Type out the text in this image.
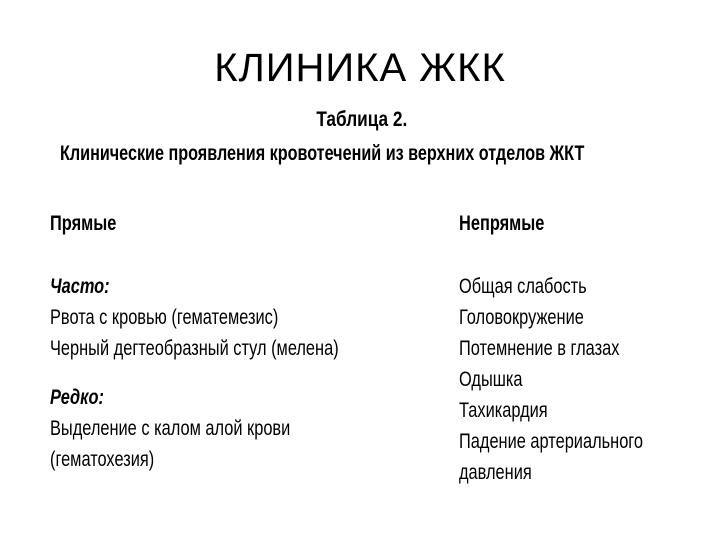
КЛИНИКА ЖКК
Таблица 2.
Клинические проявления кровотечений из верхних отделов ЖКТ
Прямые
Часто:
Рвота с кровью (гематемезис)
Черный дегтеобразный стул (мелена)
Редко:
Выделение с калом алой крови
(гематохезия)
Непрямые
Общая слабость
Головокружение
Потемнение в глазах
Одышка
Тахикардия
Падение артериального
давления
